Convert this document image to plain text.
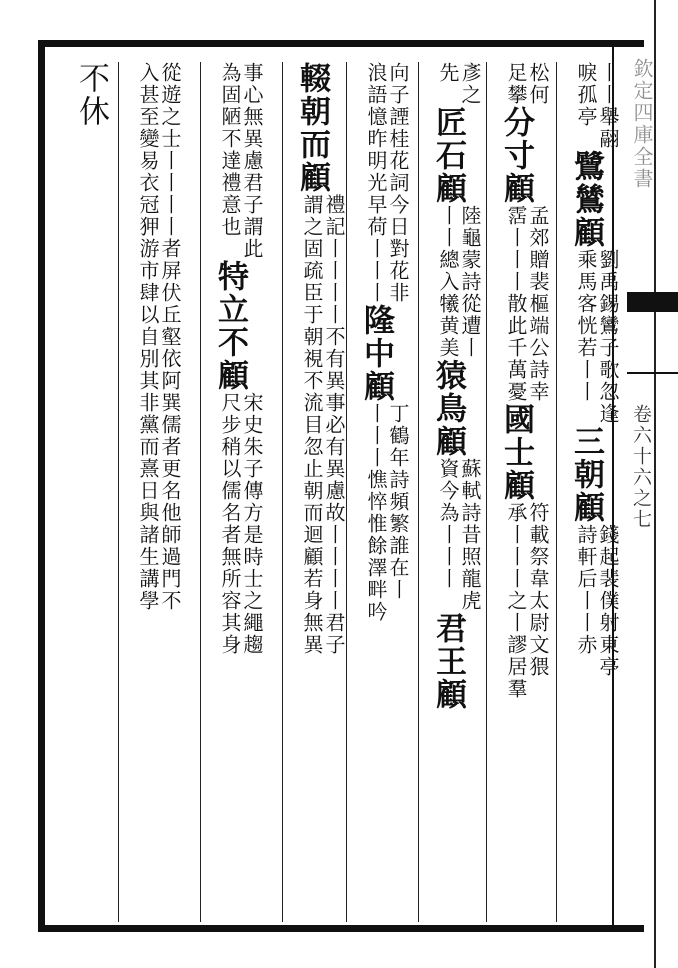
欽定四庫全書
卷六十六之七
丨丨舉翮
唳孤亭
鷺鷥顧
劉禹錫鸞子歌忽逢
乘馬客恍若丨丨
三朝顧
錢起裴僕射東亭
詩軒后丨丨赤
松何
足攀
分寸顧
孟郊贈裴樞端公詩幸
霑丨丨丨散此千萬憂
國士顧
符載祭韋太尉文猥
承丨丨丨之丨謬居羣
彥之
先
匠石顧
陸龜蒙詩從遭丨
丨丨總入犧黄美
猿鳥顧
蘇軾詩昔照龍虎
資今為丨丨丨
君王顧
向子諲桂花詞今日對花非
浪語憶昨明光早荷丨丨丨
隆中顧
丁鶴年詩頻繁誰在丨
丨丨丨憔悴惟餘澤畔吟
輟朝而顧
禮記丨丨丨丨不有異事必有異慮故丨丨丨丨君子
謂之固疏臣于朝視不流目忽止朝而迴顧若身無異
事心無異慮君子謂此
為固陋不達禮意也
特立不顧
宋史朱子傳方是時士之繩趨
尺步稍以儒名者無所容其身
從遊之士丨丨丨丨者屏伏丘壑依阿巽儒者更名他師過門不
入甚至變易衣冠狎游市肆以自別其非黨而熹日與諸生講學
不休
